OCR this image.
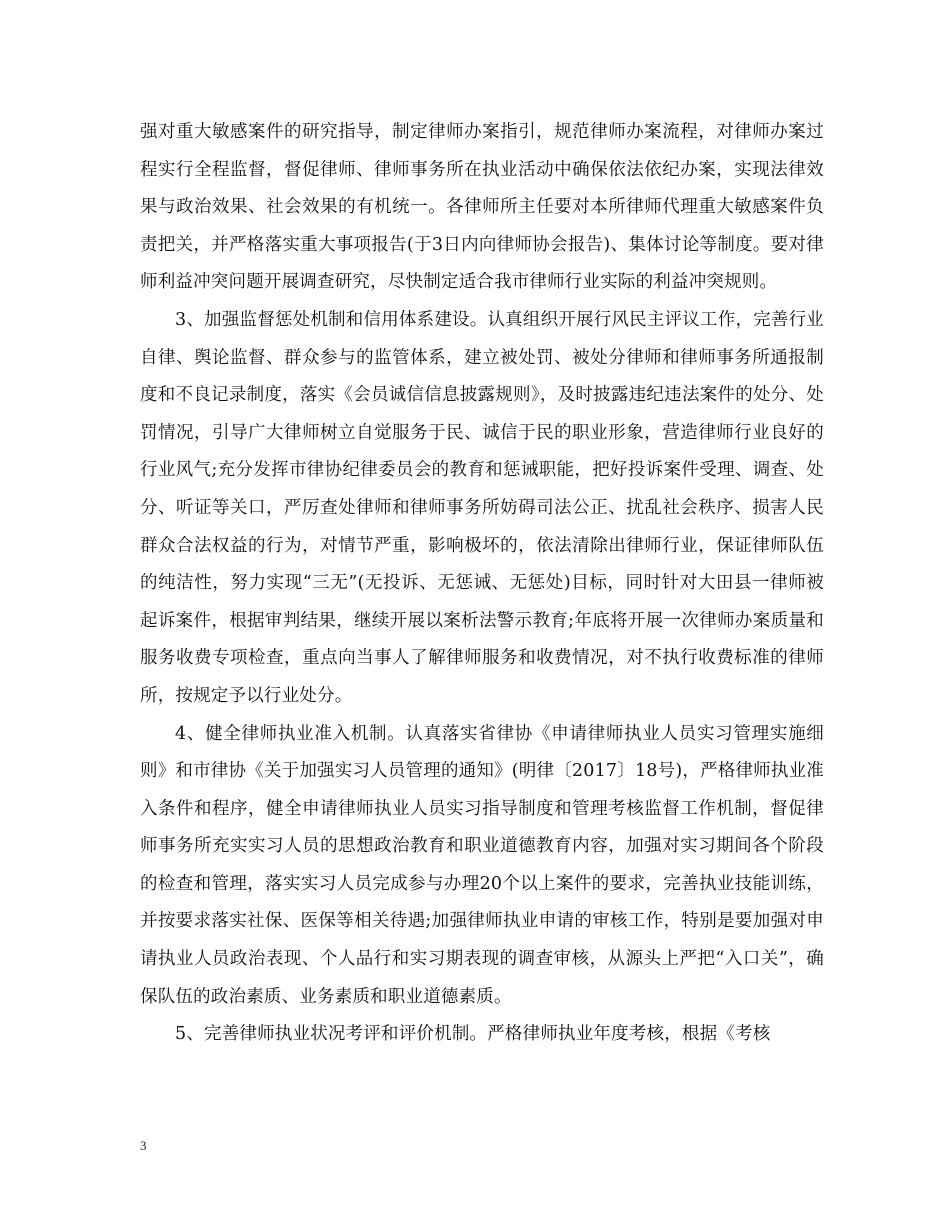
强对重大敏感案件的研究指导，制定律师办案指引，规范律师办案流程，对律师办案过程实行全程监督，督促律师、律师事务所在执业活动中确保依法依纪办案，实现法律效果与政治效果、社会效果的有机统一。各律师所主任要对本所律师代理重大敏感案件负责把关，并严格落实重大事项报告(于3日内向律师协会报告)、集体讨论等制度。要对律师利益冲突问题开展调查研究，尽快制定适合我市律师行业实际的利益冲突规则。

3、加强监督惩处机制和信用体系建设。认真组织开展行风民主评议工作，完善行业自律、舆论监督、群众参与的监管体系，建立被处罚、被处分律师和律师事务所通报制度和不良记录制度，落实《会员诚信信息披露规则》，及时披露违纪违法案件的处分、处罚情况，引导广大律师树立自觉服务于民、诚信于民的职业形象，营造律师行业良好的行业风气;充分发挥市律协纪律委员会的教育和惩诫职能，把好投诉案件受理、调查、处分、听证等关口，严厉查处律师和律师事务所妨碍司法公正、扰乱社会秩序、损害人民群众合法权益的行为，对情节严重，影响极坏的，依法清除出律师行业，保证律师队伍的纯洁性，努力实现“三无”(无投诉、无惩诫、无惩处)目标，同时针对大田县一律师被起诉案件，根据审判结果，继续开展以案析法警示教育;年底将开展一次律师办案质量和服务收费专项检查，重点向当事人了解律师服务和收费情况，对不执行收费标准的律师所，按规定予以行业处分。

4、健全律师执业准入机制。认真落实省律协《申请律师执业人员实习管理实施细则》和市律协《关于加强实习人员管理的通知》(明律〔2017〕18号)，严格律师执业准入条件和程序，健全申请律师执业人员实习指导制度和管理考核监督工作机制，督促律师事务所充实实习人员的思想政治教育和职业道德教育内容，加强对实习期间各个阶段的检查和管理，落实实习人员完成参与办理20个以上案件的要求，完善执业技能训练，并按要求落实社保、医保等相关待遇;加强律师执业申请的审核工作，特别是要加强对申请执业人员政治表现、个人品行和实习期表现的调查审核，从源头上严把“入口关”，确保队伍的政治素质、业务素质和职业道德素质。

5、完善律师执业状况考评和评价机制。严格律师执业年度考核，根据《考核

3
